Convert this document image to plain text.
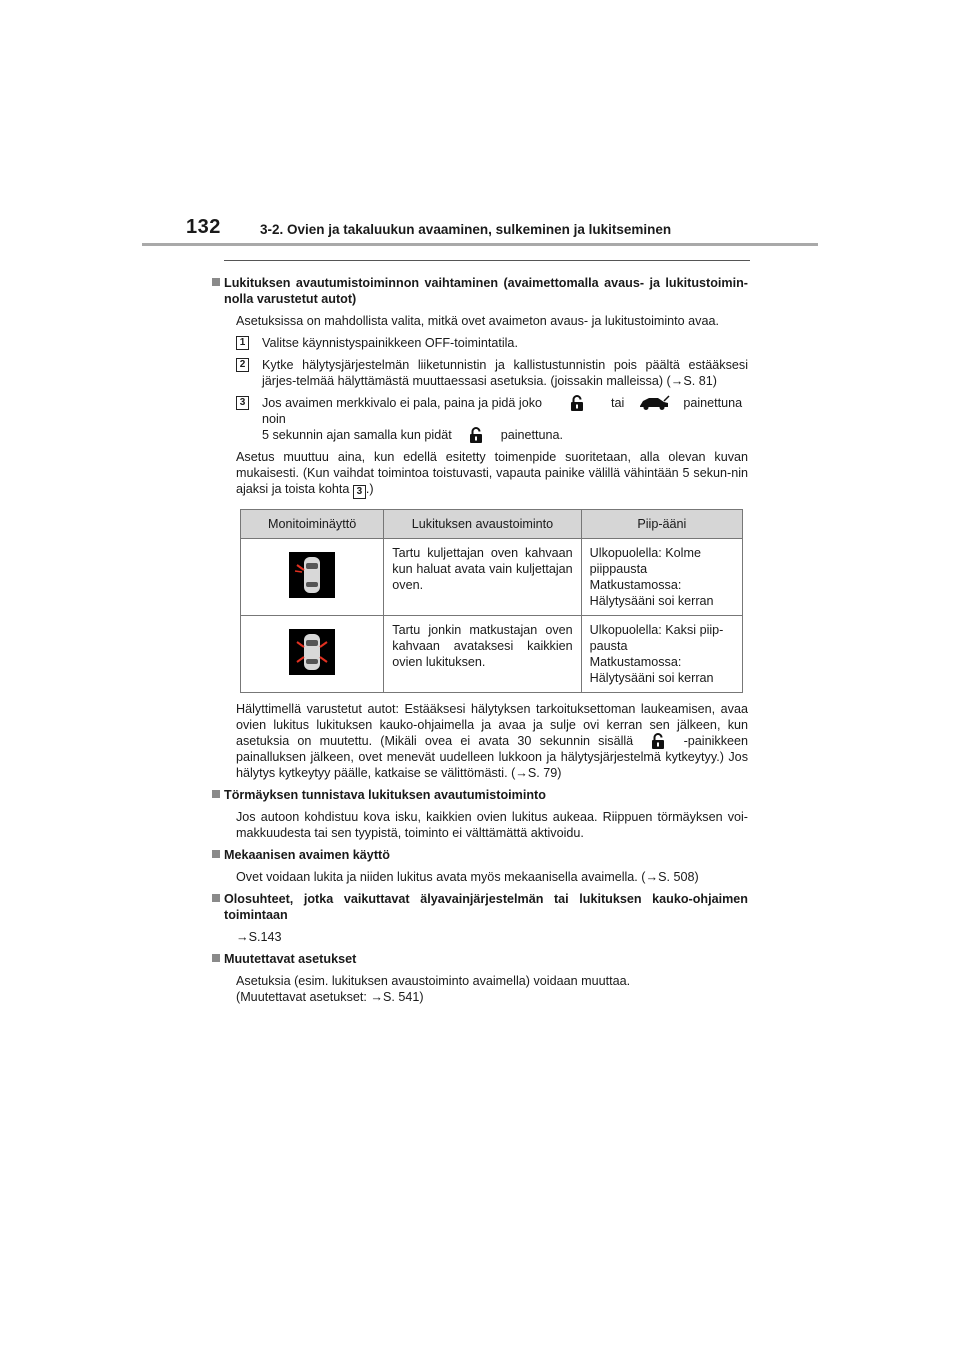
132	3-2. Ovien ja takaluukun avaaminen, sulkeminen ja lukitseminen
Lukituksen avautumistoiminnon vaihtaminen (avaimettomalla avaus- ja lukitustoimin-nolla varustetut autot)

Asetuksissa on mahdollista valita, mitkä ovet avaimeton avaus- ja lukitustoiminto avaa.

1 Valitse käynnistyspainikkeen OFF-toimintatila.
2 Kytke hälytysjärjestelmän liiketunnistin ja kallistustunnistin pois päältä estääksesi järjes-telmää hälyttämästä muuttaessasi asetuksia. (joissakin malleissa) (→S. 81)
3 Jos avaimen merkkivalo ei pala, paina ja pidä joko	tai	painettuna noin
5 sekunnin ajan samalla kun pidät	painettuna.

Asetus muuttuu aina, kun edellä esitetty toimenpide suoritetaan, alla olevan kuvan mukaisesti. (Kun vaihdat toimintoa toistuvasti, vapauta painike välillä vähintään 5 sekun-nin ajaksi ja toista kohta 3 .)

Monitoiminäyttö	Lukituksen avaustoiminto	Piip-ääni
	Tartu kuljettajan oven kahvaan kun haluat avata vain kuljettajan oven.	Ulkopuolella: Kolme piippausta
Matkustamossa:
Hälytysääni soi kerran

	Tartu jonkin matkustajan oven kahvaan avataksesi kaikkien ovien lukituksen.	Ulkopuolella: Kaksi piip-pausta
Matkustamossa:
Hälytysääni soi kerran

Hälyttimellä varustetut autot: Estääksesi hälytyksen tarkoituksettoman laukeamisen, avaa ovien lukitus lukituksen kauko-ohjaimella ja avaa ja sulje ovi kerran sen jälkeen, kun asetuksia on muutettu. (Mikäli ovea ei avata 30 sekunnin sisällä	-painikkeen painalluksen jälkeen, ovet menevät uudelleen lukkoon ja hälytysjärjestelmä kytkeytyy.) Jos hälytys kytkeytyy päälle, katkaise se välittömästi. (→S. 79)

Törmäyksen tunnistava lukituksen avautumistoiminto

Jos autoon kohdistuu kova isku, kaikkien ovien lukitus aukeaa. Riippuen törmäyksen voi-makkuudesta tai sen tyypistä, toiminto ei välttämättä aktivoidu.

Mekaanisen avaimen käyttö

Ovet voidaan lukita ja niiden lukitus avata myös mekaanisella avaimella. (→S. 508)

Olosuhteet, jotka vaikuttavat älyavainjärjestelmän tai lukituksen kauko-ohjaimen toimintaan

→S.143

Muutettavat asetukset

Asetuksia (esim. lukituksen avaustoiminto avaimella) voidaan muuttaa.

(Muutettavat asetukset: →S. 541)
